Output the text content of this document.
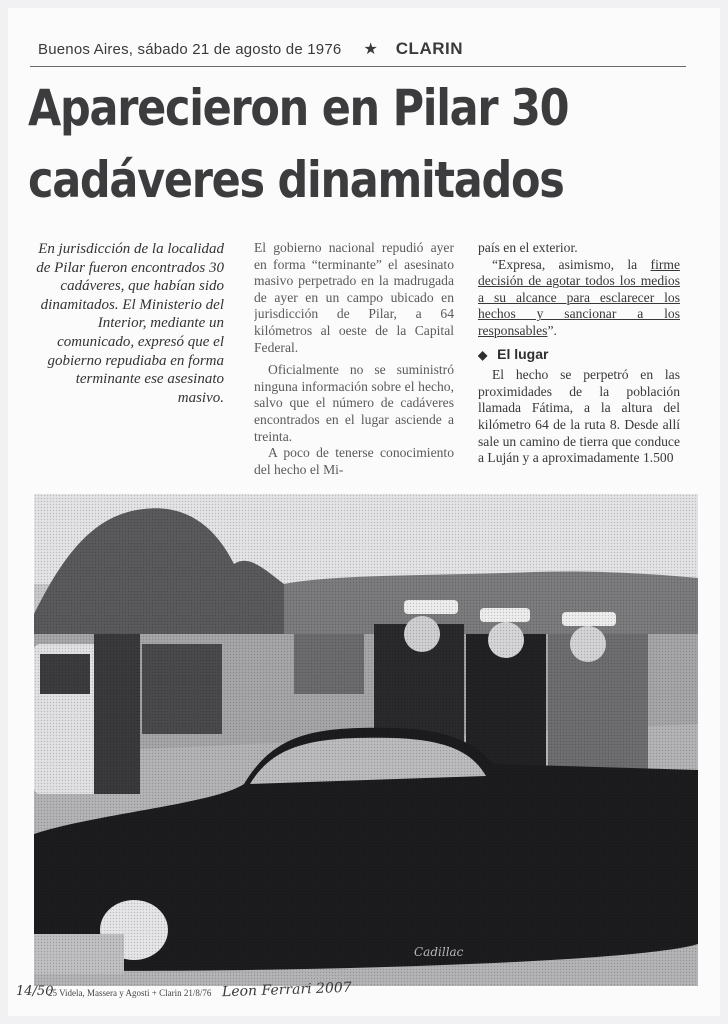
Buenos Aires, sábado 21 de agosto de 1976 ★ CLARIN
Aparecieron en Pilar 30
cadáveres dinamitados
En jurisdicción de la localidad de Pilar fueron encontrados 30 cadáveres, que habían sido dinamitados. El Ministerio del Interior, mediante un comunicado, expresó que el gobierno repudiaba en forma terminante ese asesinato masivo.

El gobierno nacional repudió ayer en forma “terminante” el asesinato masivo perpetrado en la madrugada de ayer en un campo ubicado en jurisdicción de Pilar, a 64 kilómetros al oeste de la Capital Federal.

Oficialmente no se suministró ninguna información sobre el hecho, salvo que el número de cadáveres encontrados en el lugar asciende a treinta.

A poco de tenerse conocimiento del hecho el Mi-

país en el exterior.

“Expresa, asimismo, la firme decisión de agotar todos los medios a su alcance para esclarecer los hechos y sancionar a los responsables”.

◆ El lugar

El hecho se perpetró en las proximidades de la población llamada Fátima, a la altura del kilómetro 64 de la ruta 8. Desde allí sale un camino de tierra que conduce a Luján y a aproximadamente 1.500

14/50
25 Videla, Massera y Agosti + Clarin 21/8/76 Leon Ferrari 2007
